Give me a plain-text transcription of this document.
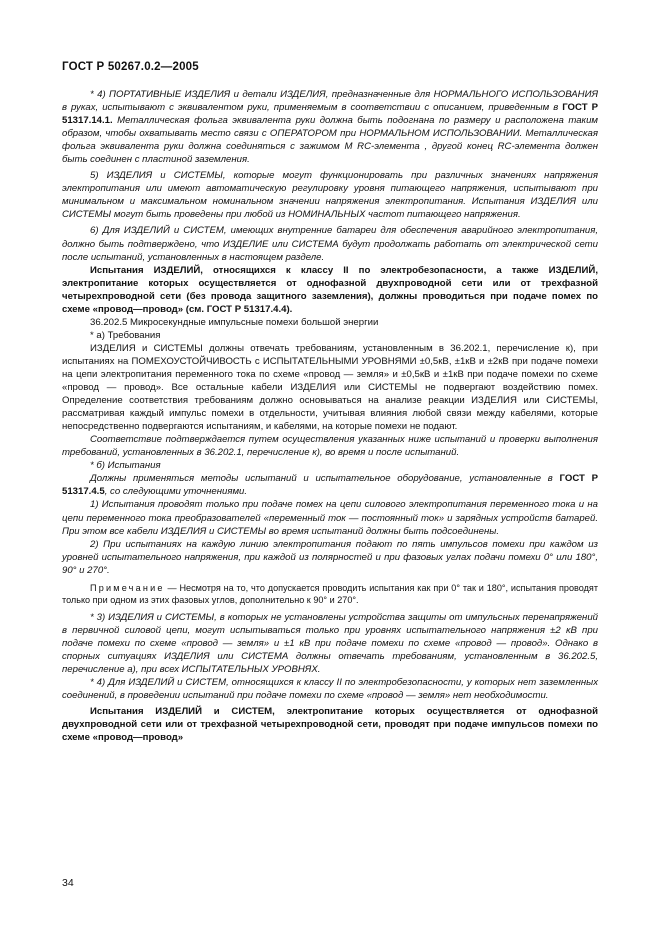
ГОСТ Р 50267.0.2—2005

* 4) ПОРТАТИВНЫЕ ИЗДЕЛИЯ и детали ИЗДЕЛИЯ, предназначенные для НОРМАЛЬНОГО ИСПОЛЬЗОВАНИЯ в руках, испытывают с эквивалентом руки, применяемым в соответствии с описанием, приведенным в ГОСТ Р 51317.14.1. Металлическая фольга эквивалента руки должна быть подогнана по размеру и расположена таким образом, чтобы охватывать место связи с ОПЕРАТОРОМ при НОРМАЛЬНОМ ИСПОЛЬЗОВАНИИ. Металлическая фольга эквивалента руки должна соединяться с зажимом M RC-элемента , другой конец RC-элемента должен быть соединен с пластиной заземления.

5) ИЗДЕЛИЯ и СИСТЕМЫ, которые могут функционировать при различных значениях напряжения электропитания или имеют автоматическую регулировку уровня питающего напряжения, испытывают при минимальном и максимальном номинальном значении напряжения электропитания. Испытания ИЗДЕЛИЯ или СИСТЕМЫ могут быть проведены при любой из НОМИНАЛЬНЫХ частот питающего напряжения.

6) Для ИЗДЕЛИЙ и СИСТЕМ, имеющих внутренние батареи для обеспечения аварийного электропитания, должно быть подтверждено, что ИЗДЕЛИЕ или СИСТЕМА будут продолжать работать от электрической сети после испытаний, установленных в настоящем разделе.

Испытания ИЗДЕЛИЙ, относящихся к классу II по электробезопасности, а также ИЗДЕЛИЙ, электропитание которых осуществляется от однофазной двухпроводной сети или от трехфазной четырехпроводной сети (без провода защитного заземления), должны проводиться при подаче помех по схеме «провод—провод» (см. ГОСТ Р 51317.4.4).

36.202.5 Микросекундные импульсные помехи большой энергии

* а) Требования

ИЗДЕЛИЯ и СИСТЕМЫ должны отвечать требованиям, установленным в 36.202.1, перечисление к), при испытаниях на ПОМЕХОУСТОЙЧИВОСТЬ с ИСПЫТАТЕЛЬНЫМИ УРОВНЯМИ ±0,5кВ, ±1кВ и ±2кВ при подаче помехи на цепи электропитания переменного тока по схеме «провод — земля» и ±0,5кВ и ±1кВ при подаче помехи по схеме «провод — провод». Все остальные кабели ИЗДЕЛИЯ или СИСТЕМЫ не подвергают воздействию помех. Определение соответствия требованиям должно основываться на анализе реакции ИЗДЕЛИЯ или СИСТЕМЫ, рассматривая каждый импульс помехи в отдельности, учитывая влияния любой связи между кабелями, которые непосредственно подвергаются испытаниям, и кабелями, на которые помехи не подают.

Соответствие подтверждается путем осуществления указанных ниже испытаний и проверки выполнения требований, установленных в 36.202.1, перечисление к), во время и после испытаний.

* б) Испытания

Должны применяться методы испытаний и испытательное оборудование, установленные в ГОСТ Р 51317.4.5, со следующими уточнениями.

1) Испытания проводят только при подаче помех на цепи силового электропитания переменного тока и на цепи переменного тока преобразователей «переменный ток — постоянный ток» и зарядных устройств батарей. При этом все кабели ИЗДЕЛИЯ и СИСТЕМЫ во время испытаний должны быть подсоединены.

2) При испытаниях на каждую линию электропитания подают по пять импульсов помехи при каждом из уровней испытательного напряжения, при каждой из полярностей и при фазовых углах подачи помехи 0° или 180°, 90° и 270°.

Примечание — Несмотря на то, что допускается проводить испытания как при 0° так и 180°, испытания проводят только при одном из этих фазовых углов, дополнительно к 90° и 270°.

* 3) ИЗДЕЛИЯ и СИСТЕМЫ, в которых не установлены устройства защиты от импульсных перенапряжений в первичной силовой цепи, могут испытываться только при уровнях испытательного напряжения ±2 кВ при подаче помехи по схеме «провод — земля» и ±1 кВ при подаче помехи по схеме «провод — провод». Однако в спорных ситуациях ИЗДЕЛИЯ или СИСТЕМА должны отвечать требованиям, установленным в 36.202.5, перечисление а), при всех ИСПЫТАТЕЛЬНЫХ УРОВНЯХ.

* 4) Для ИЗДЕЛИЙ и СИСТЕМ, относящихся к классу II по электробезопасности, у которых нет заземленных соединений, в проведении испытаний при подаче помехи по схеме «провод — земля» нет необходимости.

Испытания ИЗДЕЛИЙ и СИСТЕМ, электропитание которых осуществляется от однофазной двухпроводной сети или от трехфазной четырехпроводной сети, проводят при подаче импульсов помехи по схеме «провод—провод»

34
